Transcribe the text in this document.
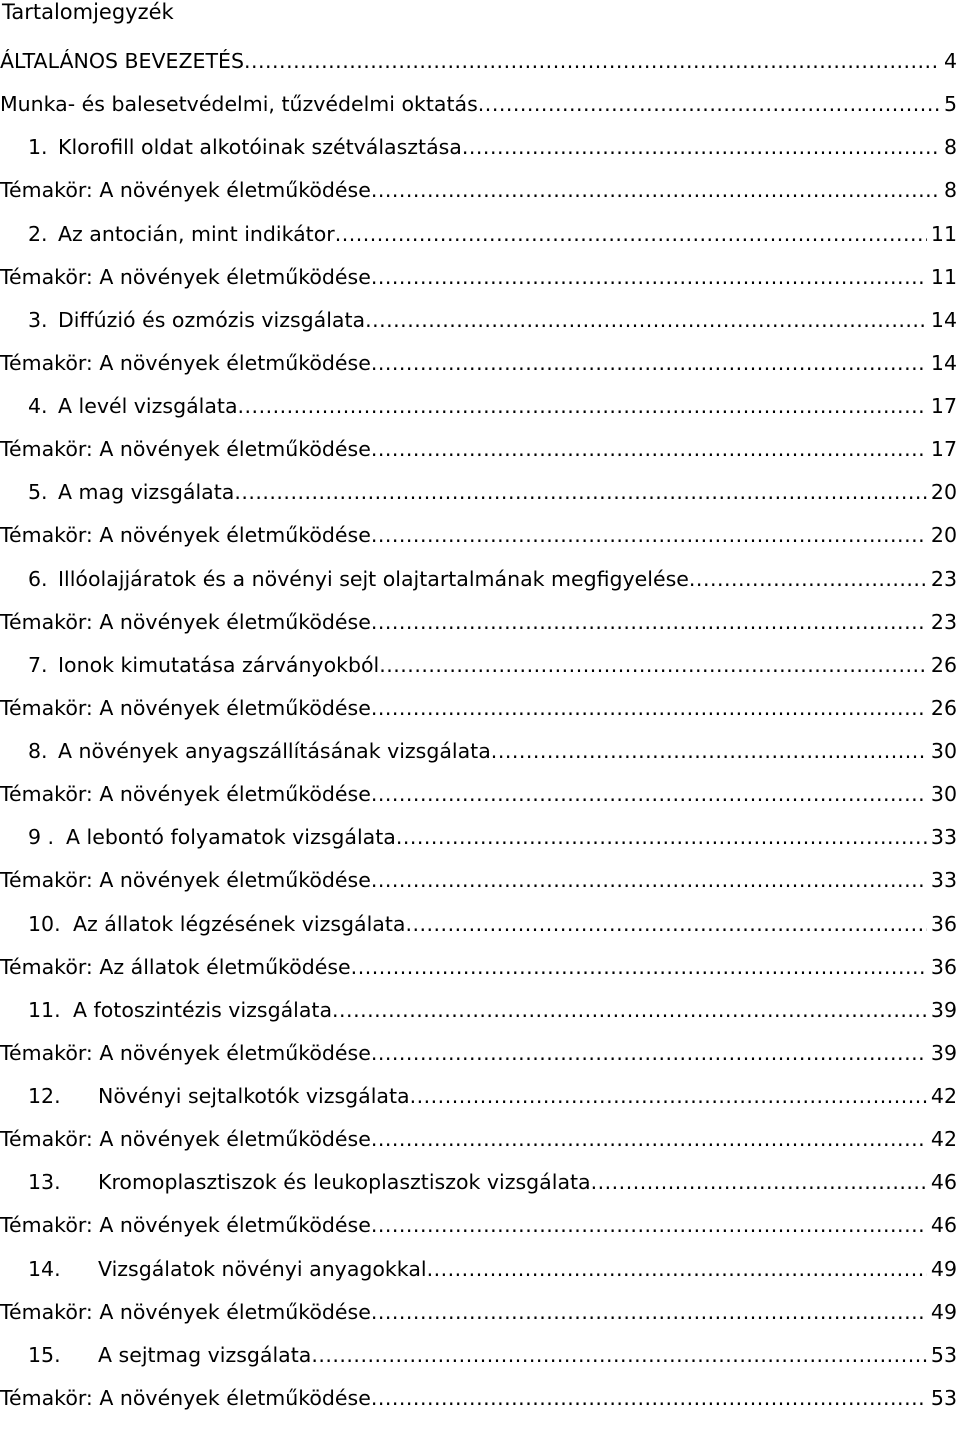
Tartalomjegyzék
ÁLTALÁNOS BEVEZETÉS .....	4
Munka- és balesetvédelmi, tűzvédelmi oktatás .....	5
1. Klorofill oldat alkotóinak szétválasztása .....	8
Témakör: A növények életműködése .....	8
2. Az antocián, mint indikátor .....	11
Témakör: A növények életműködése .....	11
3. Diffúzió és ozmózis vizsgálata .....	14
Témakör: A növények életműködése .....	14
4. A levél vizsgálata .....	17
Témakör: A növények életműködése .....	17
5. A mag vizsgálata .....	20
Témakör: A növények életműködése .....	20
6. Illóolajjáratok és a növényi sejt olajtartalmának megfigyelése .....	23
Témakör: A növények életműködése .....	23
7. Ionok kimutatása zárványokból .....	26
Témakör: A növények életműködése .....	26
8. A növények anyagszállításának vizsgálata .....	30
Témakör: A növények életműködése .....	30
9 . A lebontó folyamatok vizsgálata .....	33
Témakör: A növények életműködése .....	33
10. Az állatok légzésének vizsgálata .....	36
Témakör: Az állatok életműködése .....	36
11. A fotoszintézis vizsgálata .....	39
Témakör: A növények életműködése .....	39
12.	Növényi sejtalkotók vizsgálata .....	42
Témakör: A növények életműködése .....	42
13.	Kromoplasztiszok és leukoplasztiszok vizsgálata .....	46
Témakör: A növények életműködése .....	46
14.	Vizsgálatok növényi anyagokkal .....	49
Témakör: A növények életműködése .....	49
15.	A sejtmag vizsgálata .....	53
Témakör: A növények életműködése .....	53
